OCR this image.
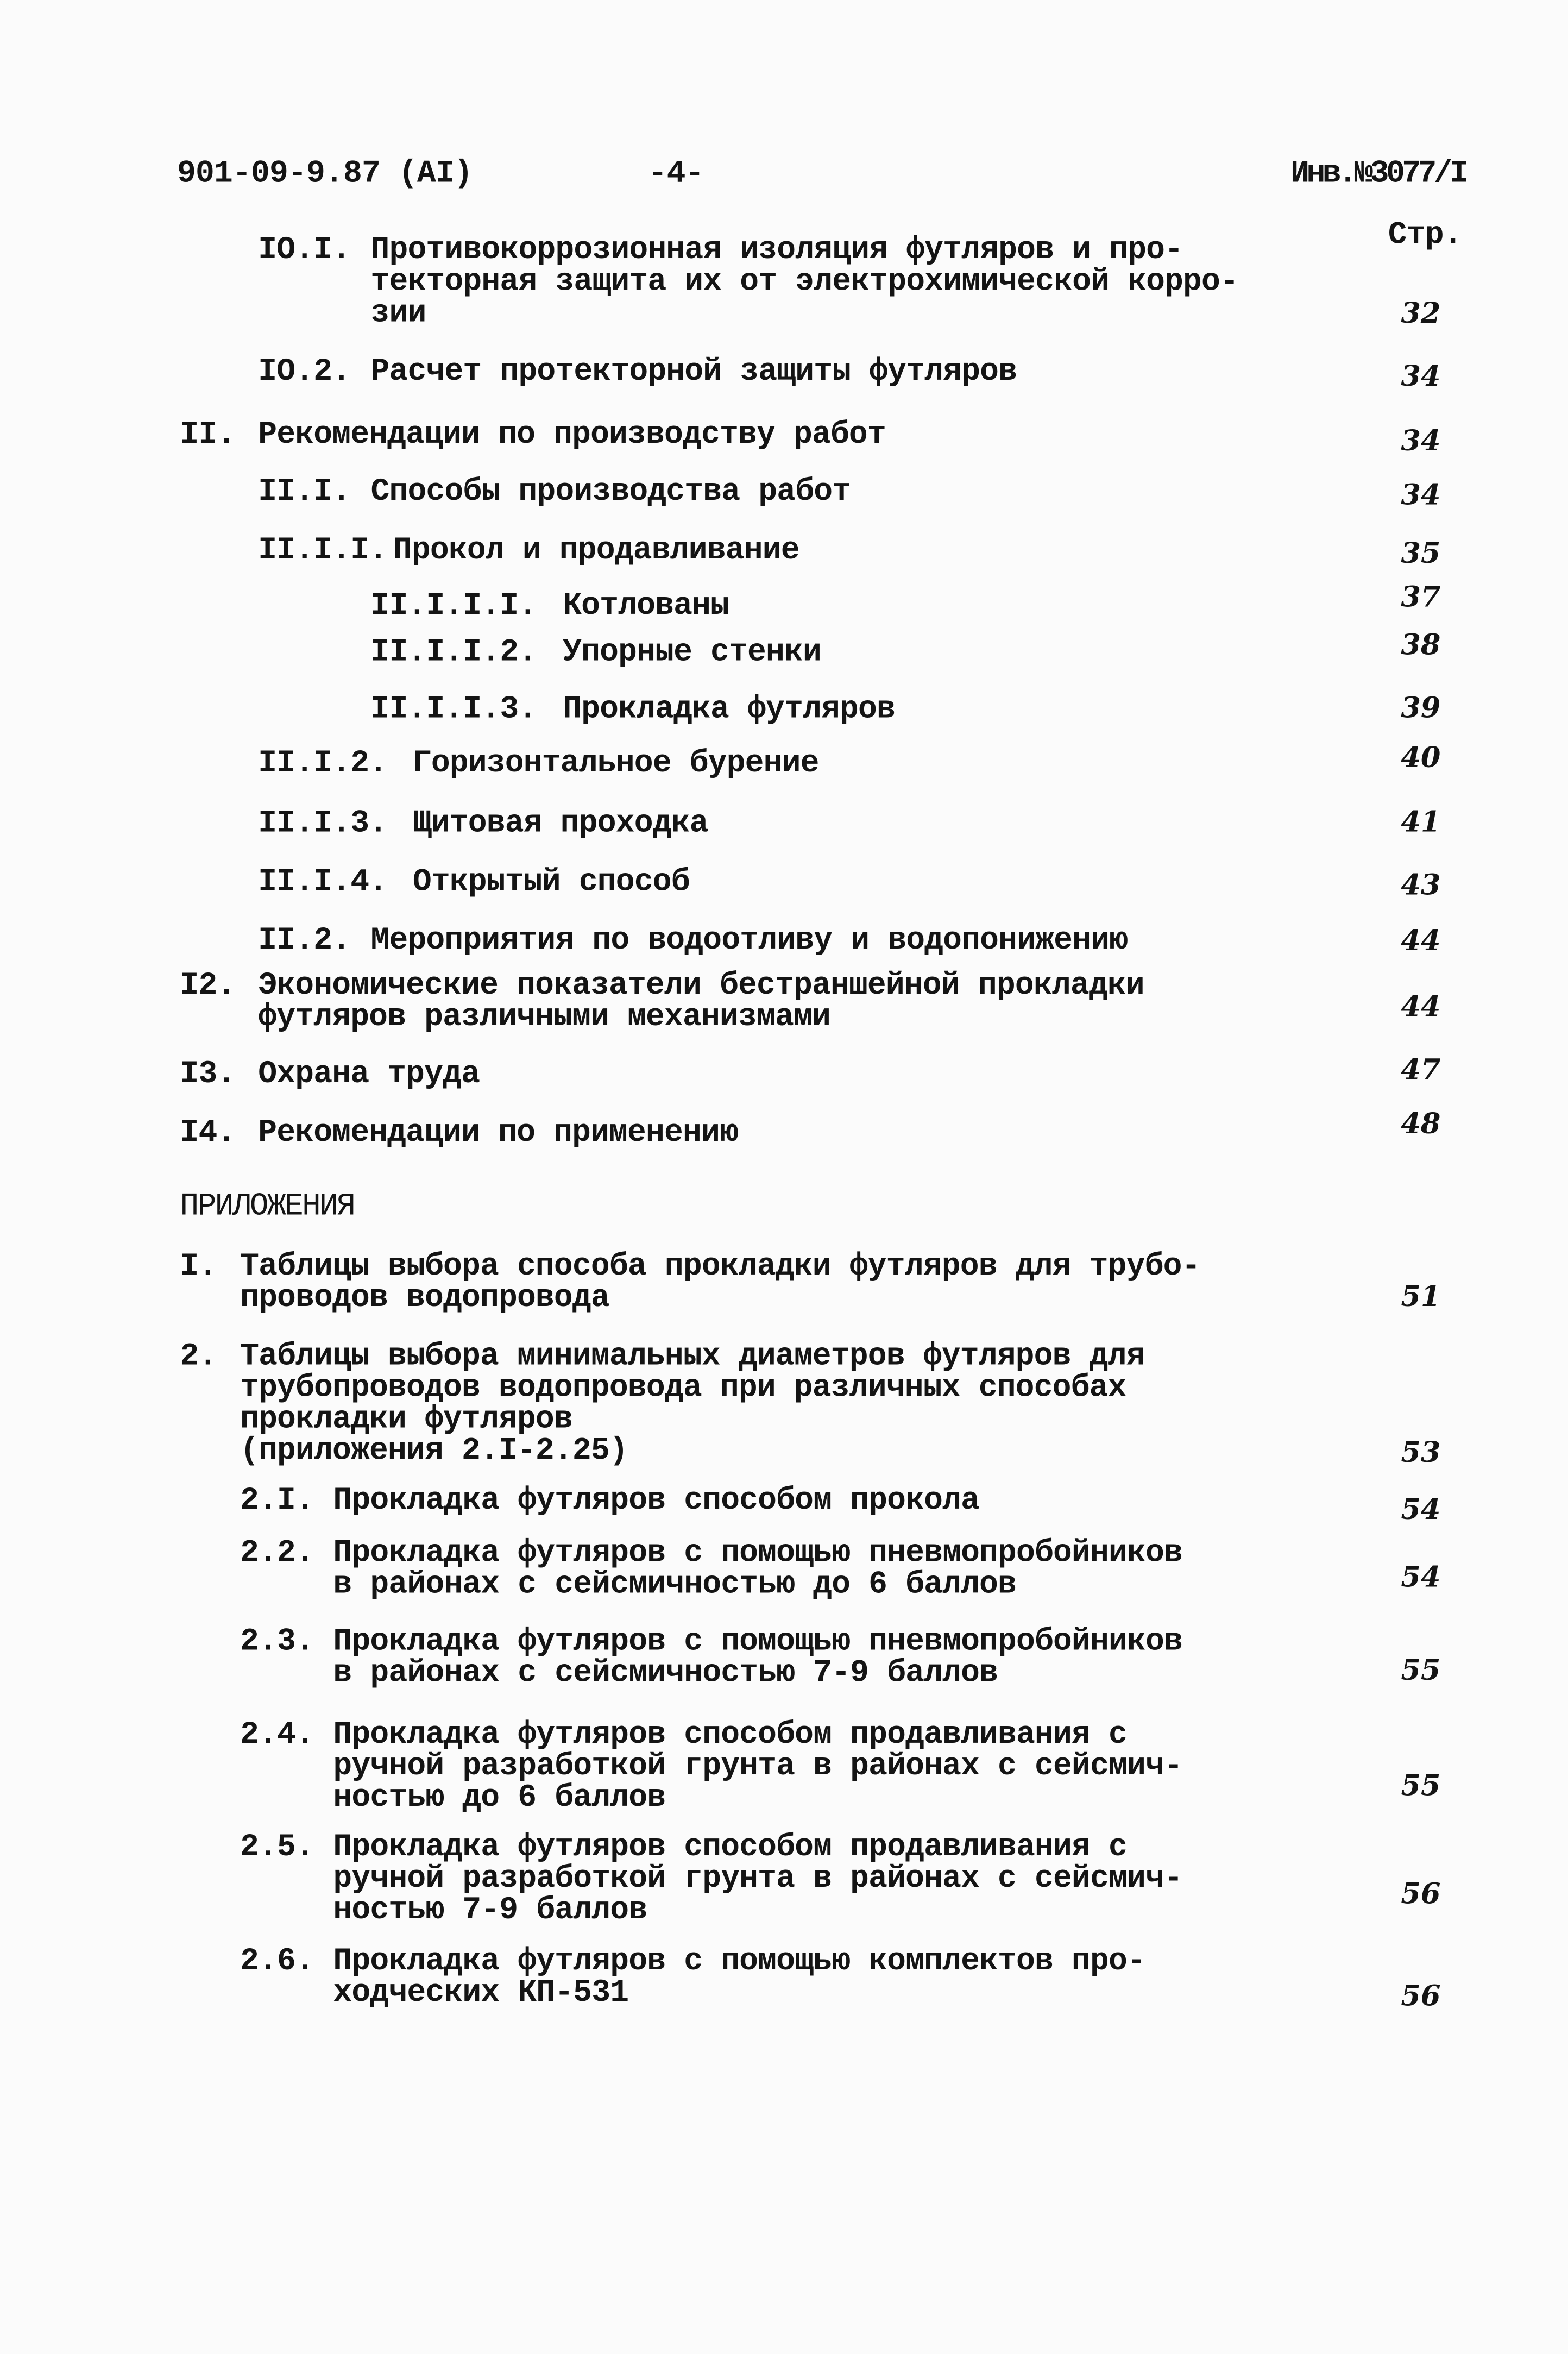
901-09-9.87 (AI)	-4-	Инв.№3077/I
Стр.
ПРИЛОЖЕНИЯ
IO.I. Противокоррозионная изоляция футляров и про-
текторная защита их от электрохимической корро-
зии	32
IO.2. Расчет протекторной защиты футляров	34
II. Рекомендации по производству работ	34
II.I. Способы производства работ	34
II.I.I. Прокол и продавливание	35
II.I.I.I. Котлованы	37
II.I.I.2. Упорные стенки	38
II.I.I.3. Прокладка футляров	39
II.I.2. Горизонтальное бурение	40
II.I.3. Щитовая проходка	41
II.I.4. Открытый способ	43
II.2. Мероприятия по водоотливу и водопонижению	44
I2. Экономические показатели бестраншейной прокладки
футляров различными механизмами	44
I3. Охрана труда	47
I4. Рекомендации по применению	48
I. Таблицы выбора способа прокладки футляров для трубо-
проводов водопровода	51
2. Таблицы выбора минимальных диаметров футляров для
трубопроводов водопровода при различных способах
прокладки футляров
(приложения 2.I-2.25)	53
2.I. Прокладка футляров способом прокола	54
2.2. Прокладка футляров с помощью пневмопробойников
в районах с сейсмичностью до 6 баллов	54
2.3. Прокладка футляров с помощью пневмопробойников
в районах с сейсмичностью 7-9 баллов	55
2.4. Прокладка футляров способом продавливания с
ручной разработкой грунта в районах с сейсмич-
ностью до 6 баллов	55
2.5. Прокладка футляров способом продавливания с
ручной разработкой грунта в районах с сейсмич-
ностью 7-9 баллов	56
2.6. Прокладка футляров с помощью комплектов про-
ходческих КП-531	56
